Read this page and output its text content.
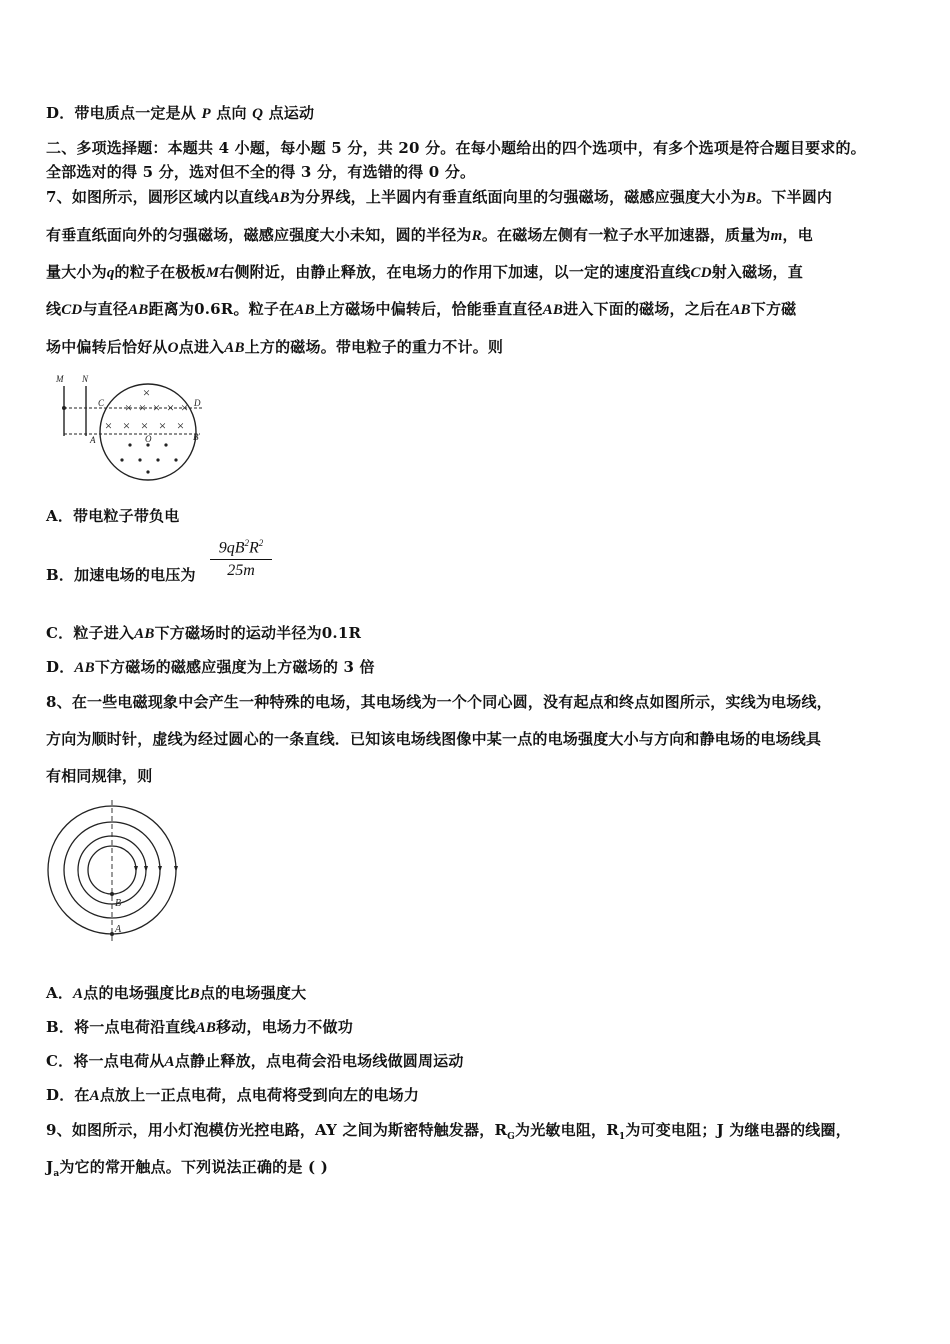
D．带电质点一定是从 P 点向 Q 点运动
二、多项选择题：本题共 4 小题，每小题 5 分，共 20 分。在每小题给出的四个选项中，有多个选项是符合题目要求的。
全部选对的得 5 分，选对但不全的得 3 分，有选错的得 0 分。
7、如图所示，圆形区域内以直线AB为分界线，上半圆内有垂直纸面向里的匀强磁场，磁感应强度大小为B。下半圆内
有垂直纸面向外的匀强磁场，磁感应强度大小未知，圆的半径为R。在磁场左侧有一粒子水平加速器，质量为m，电
量大小为q的粒子在极板M右侧附近，由静止释放，在电场力的作用下加速，以一定的速度沿直线CD射入磁场，直
线CD与直径AB距离为0.6R。粒子在AB上方磁场中偏转后，恰能垂直直径AB进入下面的磁场，之后在AB下方磁
场中偏转后恰好从O点进入AB上方的磁场。带电粒子的重力不计。则
× × × × ×
× × × × ×
×
M N
C	D
A	B
O
A．带电粒子带负电
B．加速电场的电压为 $\frac{9qB^2R^2}{25m}$
C．粒子进入AB下方磁场时的运动半径为0.1R
D．AB下方磁场的磁感应强度为上方磁场的 3 倍
8、在一些电磁现象中会产生一种特殊的电场，其电场线为一个个同心圆，没有起点和终点如图所示，实线为电场线，
方向为顺时针，虚线为经过圆心的一条直线．已知该电场线图像中某一点的电场强度大小与方向和静电场的电场线具
有相同规律，则
B
A
A．A点的电场强度比B点的电场强度大
B．将一点电荷沿直线AB移动，电场力不做功
C．将一点电荷从A点静止释放，点电荷会沿电场线做圆周运动
D．在A点放上一正点电荷，点电荷将受到向左的电场力
9、如图所示，用小灯泡模仿光控电路，AY 之间为斯密特触发器，$R_G$为光敏电阻，$R_1$为可变电阻；J 为继电器的线圈，
$J_a$为它的常开触点。下列说法正确的是 ( )
